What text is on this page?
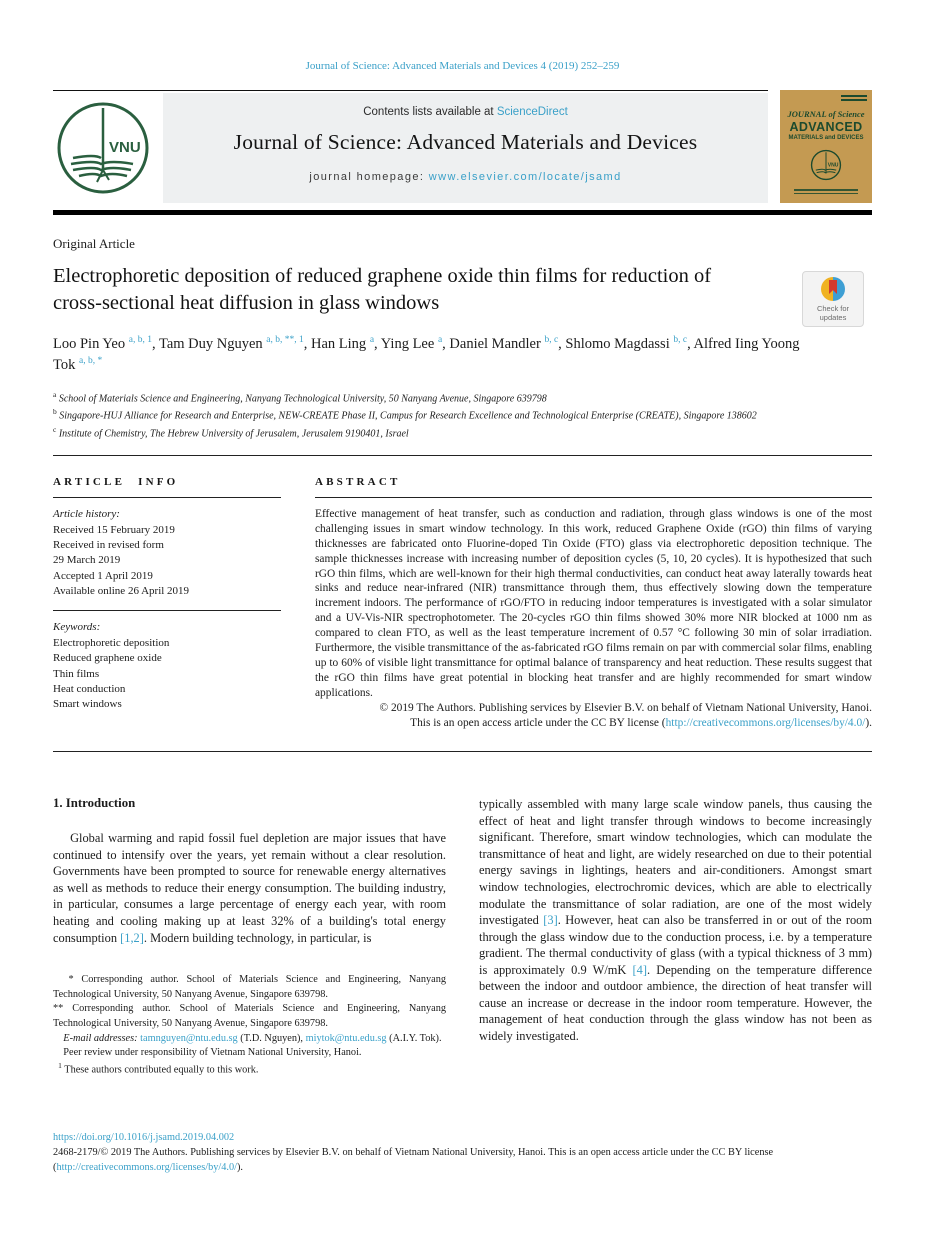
Journal of Science: Advanced Materials and Devices 4 (2019) 252–259
VNU
Contents lists available at ScienceDirect
Journal of Science: Advanced Materials and Devices
journal homepage: www.elsevier.com/locate/jsamd
JOURNAL of Science
ADVANCED
MATERIALS and DEVICES
VNU
Original Article
Electrophoretic deposition of reduced graphene oxide thin films for reduction of cross-sectional heat diffusion in glass windows	Check for updates
Loo Pin Yeo $^{a, b, 1}$, Tam Duy Nguyen $^{a, b, **, 1}$, Han Ling $^a$, Ying Lee $^a$, Daniel Mandler $^{b, c}$, Shlomo Magdassi $^{b, c}$, Alfred Iing Yoong Tok $^{a, b, *}$
$^a$ School of Materials Science and Engineering, Nanyang Technological University, 50 Nanyang Avenue, Singapore 639798
$^b$ Singapore-HUJ Alliance for Research and Enterprise, NEW-CREATE Phase II, Campus for Research Excellence and Technological Enterprise (CREATE), Singapore 138602
$^c$ Institute of Chemistry, The Hebrew University of Jerusalem, Jerusalem 9190401, Israel
ARTICLE INFO
Article history:
Received 15 February 2019
Received in revised form
29 March 2019
Accepted 1 April 2019
Available online 26 April 2019
Keywords:
Electrophoretic deposition
Reduced graphene oxide
Thin films
Heat conduction
Smart windows
ABSTRACT
Effective management of heat transfer, such as conduction and radiation, through glass windows is one of the most challenging issues in smart window technology. In this work, reduced Graphene Oxide (rGO) thin films of varying thicknesses are fabricated onto Fluorine-doped Tin Oxide (FTO) glass via electrophoretic deposition technique. The sample thicknesses increase with increasing number of deposition cycles (5, 10, 20 cycles). It is hypothesized that such rGO thin films, which are well-known for their high thermal conductivities, can conduct heat away laterally towards heat sinks and reduce near-infrared (NIR) transmittance through them, thus effectively slowing down the temperature increment indoors. The performance of rGO/FTO in reducing indoor temperatures is investigated with a solar simulator and a UV-Vis-NIR spectrophotometer. The 20-cycles rGO thin films showed 30% more NIR blocked at 1000 nm as compared to clean FTO, as well as the least temperature increment of 0.57 °C following 30 min of solar irradiation. Furthermore, the visible transmittance of the as-fabricated rGO films remain on par with commercial solar films, enabling up to 60% of visible light transmittance for optimal balance of transparency and heat reduction. These results suggest that the rGO thin films have great potential in blocking heat transfer and are highly recommended for smart window applications.
© 2019 The Authors. Publishing services by Elsevier B.V. on behalf of Vietnam National University, Hanoi.
This is an open access article under the CC BY license (http://creativecommons.org/licenses/by/4.0/).
1. Introduction

Global warming and rapid fossil fuel depletion are major issues that have continued to intensify over the years, yet remain without a clear resolution. Governments have been prompted to source for renewable energy alternatives as well as methods to reduce their energy consumption. The building industry, in particular, consumes a large percentage of energy each year, with room heating and cooling making up at least 32% of a building's total energy consumption [1,2]. Modern building technology, in particular, is

* Corresponding author. School of Materials Science and Engineering, Nanyang Technological University, 50 Nanyang Avenue, Singapore 639798.

** Corresponding author. School of Materials Science and Engineering, Nanyang Technological University, 50 Nanyang Avenue, Singapore 639798.

E-mail addresses: tamnguyen@ntu.edu.sg (T.D. Nguyen), miytok@ntu.edu.sg (A.I.Y. Tok).

Peer review under responsibility of Vietnam National University, Hanoi.

$^1$ These authors contributed equally to this work.

typically assembled with many large scale window panels, thus causing the effect of heat and light transfer through windows to become increasingly significant. Therefore, smart window technologies, which can modulate the transmittance of heat and light, are widely researched on due to their potential energy savings in lightings, heaters and air-conditioners. Amongst smart window technologies, electrochromic devices, which are able to electrically modulate the transmittance of solar radiation, are one of the most widely investigated [3]. However, heat can also be transferred in or out of the room through the glass window due to the conduction process, i.e. by a temperature gradient. The thermal conductivity of glass (with a typical thickness of 3 mm) is approximately 0.9 W/mK [4]. Depending on the temperature difference between the indoor and outdoor ambience, the direction of heat transfer will cause an increase or decrease in the indoor room temperature. However, the management of heat conduction through the glass window has not been as widely investigated.

https://doi.org/10.1016/j.jsamd.2019.04.002
2468-2179/© 2019 The Authors. Publishing services by Elsevier B.V. on behalf of Vietnam National University, Hanoi. This is an open access article under the CC BY license (http://creativecommons.org/licenses/by/4.0/).
